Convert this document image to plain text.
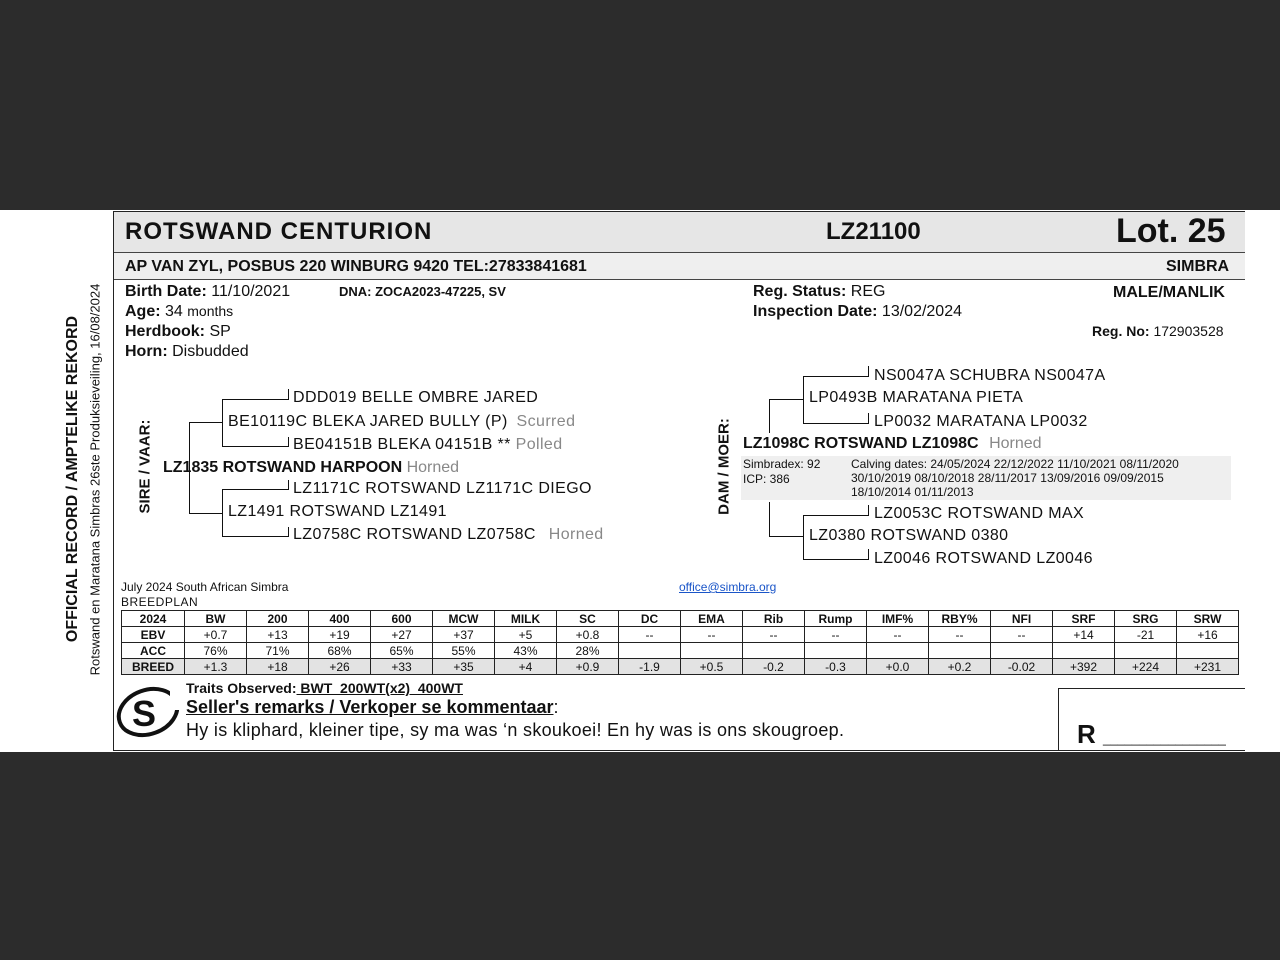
OFFICIAL RECORD / AMPTELIKE REKORD Rotswand en Maratana Simbras 26ste Produksieveiling, 16/08/2024
ROTSWAND CENTURION	LZ21100	Lot. 25
AP VAN ZYL, POSBUS 220 WINBURG 9420 TEL:27833841681	SIMBRA
Birth Date: 11/10/2021	DNA: ZOCA2023-47225, SV
Age: 34 months
Herdbook: SP
Horn: Disbudded
Reg. Status: REG	MALE/MANLIK
Inspection Date: 13/02/2024
Reg. No: 172903528
SIRE / VAAR:
DDD019 BELLE OMBRE JARED
BE10119C BLEKA JARED BULLY (P) Scurred
BE04151B BLEKA 04151B ** Polled
LZ1835 ROTSWAND HARPOON Horned
LZ1171C ROTSWAND LZ1171C DIEGO
LZ1491 ROTSWAND LZ1491
LZ0758C ROTSWAND LZ0758C Horned
DAM / MOER:
NS0047A SCHUBRA NS0047A
LP0493B MARATANA PIETA
LP0032 MARATANA LP0032
LZ1098C ROTSWAND LZ1098C Horned
Simbradex: 92
ICP: 386
Calving dates: 24/05/2024 22/12/2022 11/10/2021 08/11/2020
30/10/2019 08/10/2018 28/11/2017 13/09/2016 09/09/2015
18/10/2014 01/11/2013
LZ0053C ROTSWAND MAX
LZ0380 ROTSWAND 0380
LZ0046 ROTSWAND LZ0046
July 2024 South African Simbra
BREEDPLAN
office@simbra.org
2024	BW	200	400	600	MCW	MILK	SC	DC	EMA	Rib	Rump	IMF%	RBY%	NFI	SRF	SRG	SRW
EBV	+0.7	+13	+19	+27	+37	+5	+0.8	--	--	--	--	--	--	--	+14	-21	+16
ACC	76%	71%	68%	65%	55%	43%	28%										
BREED	+1.3	+18	+26	+33	+35	+4	+0.9	-1.9	+0.5	-0.2	-0.3	+0.0	+0.2	-0.02	+392	+224	+231
S
Traits Observed: BWT  200WT(x2)  400WT
Seller's remarks / Verkoper se kommentaar:
Hy is kliphard, kleiner tipe, sy ma was ‘n skoukoei! En hy was is ons skougroep.	R _________________
